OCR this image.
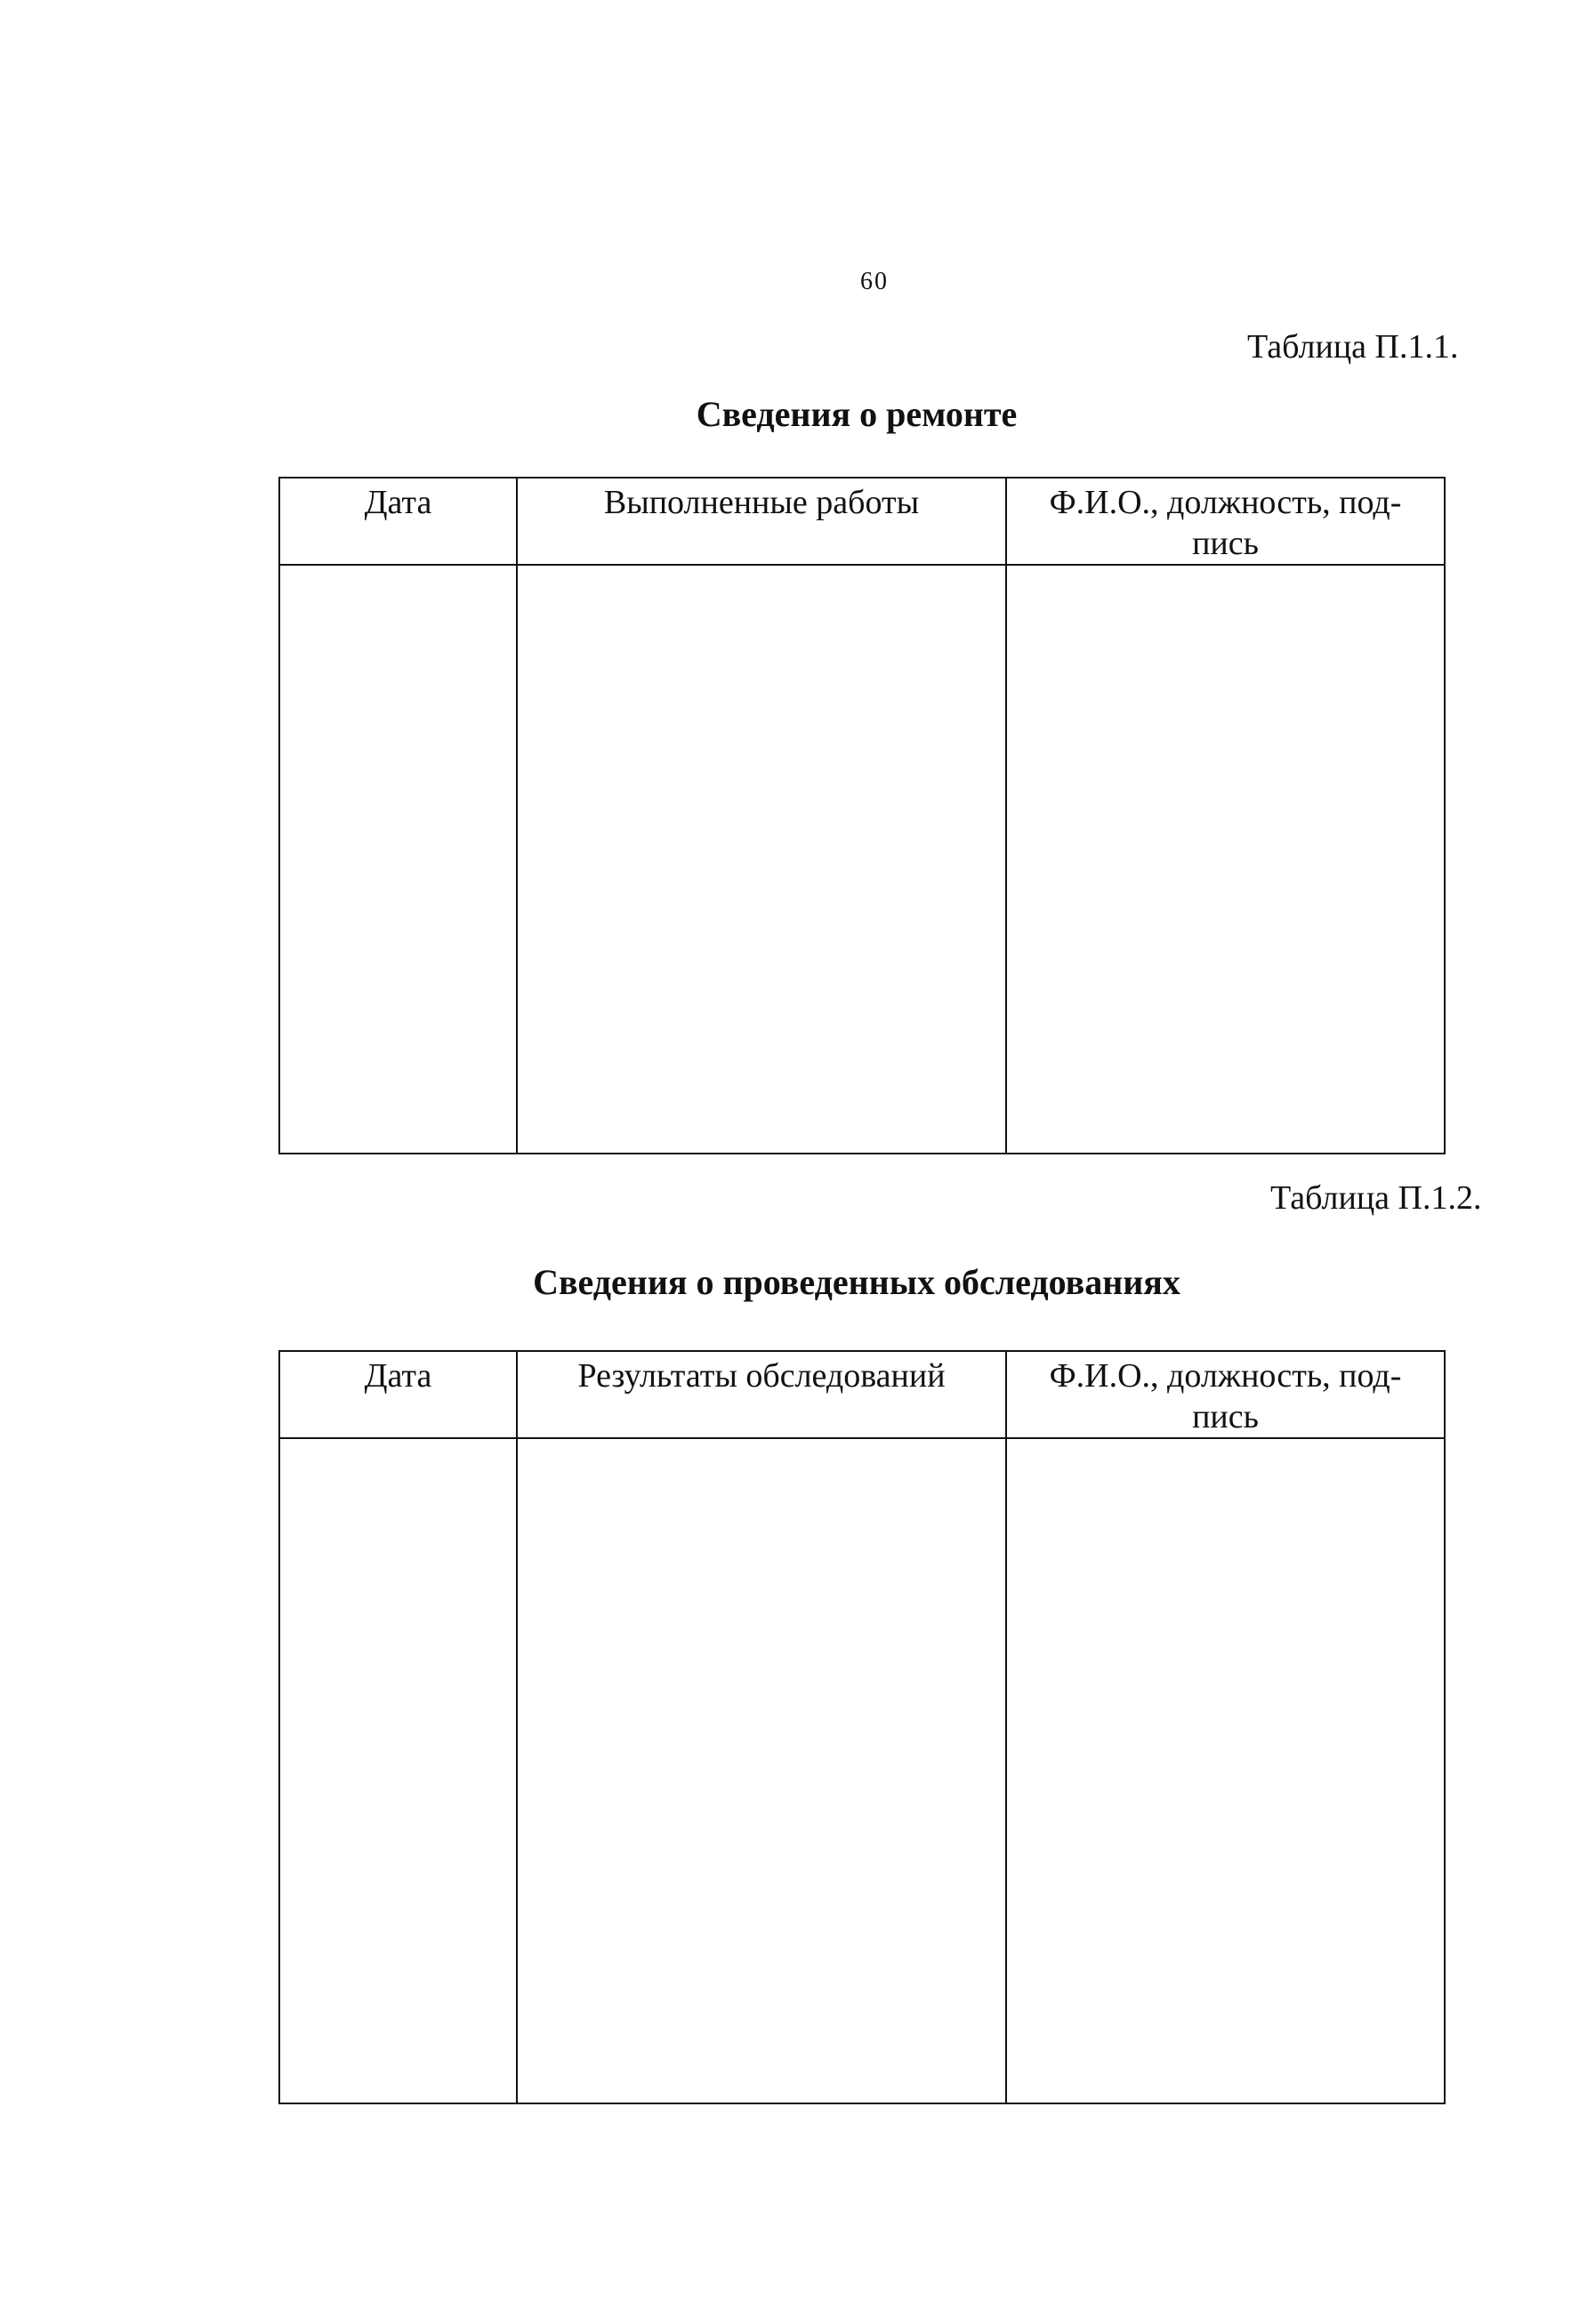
60
Таблица П.1.1.
Сведения о ремонте
Дата	Выполненные работы	Ф.И.О., должность, под-пись

Таблица П.1.2.
Сведения о проведенных обследованиях
Дата	Результаты обследований	Ф.И.О., должность, под-пись
